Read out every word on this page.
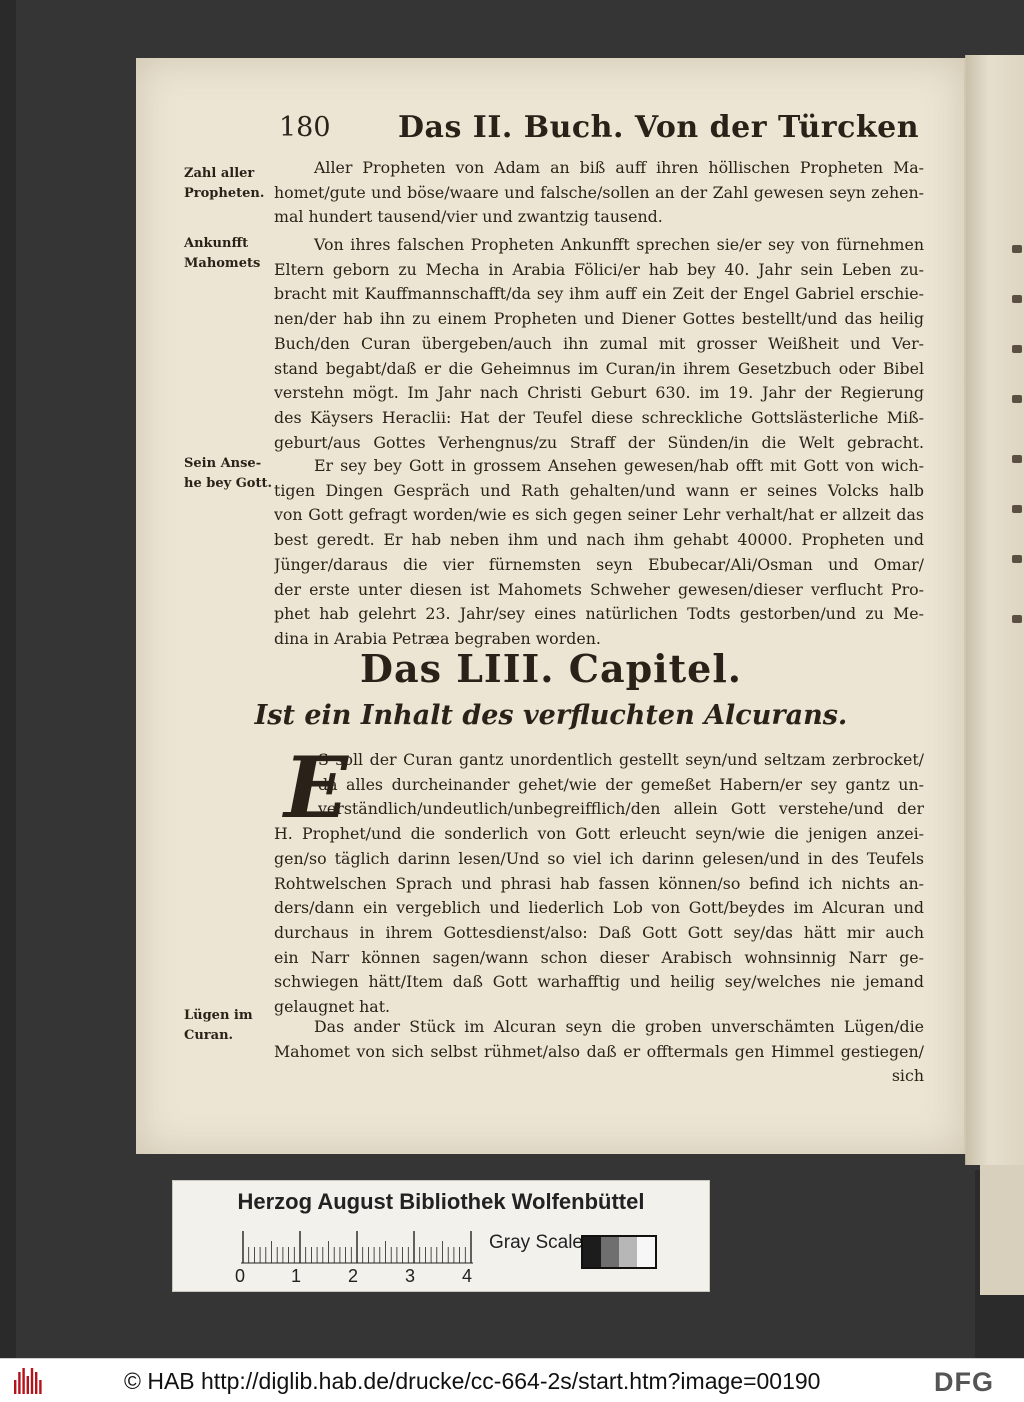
180 Das II. Buch. Von der Türcken
Zahl aller
Propheten.
Ankunfft
Mahomets
Sein Anse-
he bey Gott.
Lügen im
Curan.
Aller Propheten von Adam an biß auff ihren höllischen Propheten Ma-
homet/gute und böse/waare und falsche/sollen an der Zahl gewesen seyn zehen-
mal hundert tausend/vier und zwantzig tausend.
Von ihres falschen Propheten Ankunfft sprechen sie/er sey von fürnehmen
Eltern geborn zu Mecha in Arabia Fölici/er hab bey 40. Jahr sein Leben zu-
bracht mit Kauffmannschafft/da sey ihm auff ein Zeit der Engel Gabriel erschie-
nen/der hab ihn zu einem Propheten und Diener Gottes bestellt/und das heilig
Buch/den Curan übergeben/auch ihn zumal mit grosser Weißheit und Ver-
stand begabt/daß er die Geheimnus im Curan/in ihrem Gesetzbuch oder Bibel
verstehn mögt. Im Jahr nach Christi Geburt 630. im 19. Jahr der Regierung
des Käysers Heraclii: Hat der Teufel diese schreckliche Gottslästerliche Miß-
geburt/aus Gottes Verhengnus/zu Straff der Sünden/in die Welt gebracht.
Er sey bey Gott in grossem Ansehen gewesen/hab offt mit Gott von wich-
tigen Dingen Gespräch und Rath gehalten/und wann er seines Volcks halb
von Gott gefragt worden/wie es sich gegen seiner Lehr verhalt/hat er allzeit das
best geredt. Er hab neben ihm und nach ihm gehabt 40000. Propheten und
Jünger/daraus die vier fürnemsten seyn Ebubecar/Ali/Osman und Omar/
der erste unter diesen ist Mahomets Schweher gewesen/dieser verflucht Pro-
phet hab gelehrt 23. Jahr/sey eines natürlichen Todts gestorben/und zu Me-
dina in Arabia Petræa begraben worden.
Das LIII. Capitel.
Ist ein Inhalt des verfluchten Alcurans.
E
S soll der Curan gantz unordentlich gestellt seyn/und seltzam zerbrocket/
da alles durcheinander gehet/wie der gemeßet Habern/er sey gantz un-
verständlich/undeutlich/unbegreifflich/den allein Gott verstehe/und der
H. Prophet/und die sonderlich von Gott erleucht seyn/wie die jenigen anzei-
gen/so täglich darinn lesen/Und so viel ich darinn gelesen/und in des Teufels
Rohtwelschen Sprach und phrasi hab fassen können/so befind ich nichts an-
ders/dann ein vergeblich und liederlich Lob von Gott/beydes im Alcuran und
durchaus in ihrem Gottesdienst/also: Daß Gott Gott sey/das hätt mir auch
ein Narr können sagen/wann schon dieser Arabisch wohnsinnig Narr ge-
schwiegen hätt/Item daß Gott warhafftig und heilig sey/welches nie jemand
gelaugnet hat.
Das ander Stück im Alcuran seyn die groben unverschämten Lügen/die
Mahomet von sich selbst rühmet/also daß er offtermals gen Himmel gestiegen/
sich
Herzog August Bibliothek Wolfenbüttel
0	1	2	3	4
Gray Scale
© HAB http://diglib.hab.de/drucke/cc-664-2s/start.htm?image=00190	DFG
